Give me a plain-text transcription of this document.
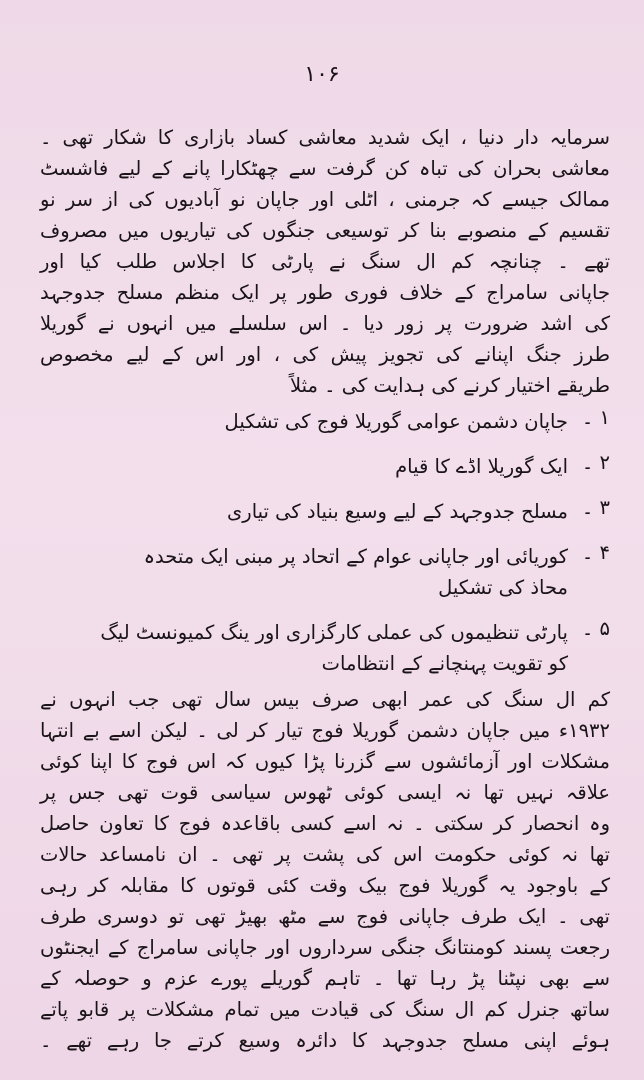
۱۰۶
سرمایہ دار دنیا ، ایک شدید معاشی کساد بازاری کا شکار تھی ۔
معاشی بحران کی تباہ کن گرفت سے چھٹکارا پانے کے لیے فاشسٹ
ممالک جیسے کہ جرمنی ، اٹلی اور جاپان نو آبادیوں کی از سر نو
تقسیم کے منصوبے بنا کر توسیعی جنگوں کی تیاریوں میں مصروف
تھے ۔ چنانچہ کم ال سنگ نے پارٹی کا اجلاس طلب کیا اور
جاپانی سامراج کے خلاف فوری طور پر ایک منظم مسلح جدوجہد
کی اشد ضرورت پر زور دیا ۔ اس سلسلے میں انہوں نے گوریلا
طرز جنگ اپنانے کی تجویز پیش کی ، اور اس کے لیے مخصوص
طریقے اختیار کرنے کی ہدایت کی ۔ مثلاً
۱ ۔
جاپان دشمن عوامی گوریلا فوج کی تشکیل
۲ ۔
ایک گوریلا اڈے کا قیام
۳ ۔
مسلح جدوجہد کے لیے وسیع بنیاد کی تیاری
۴ ۔
کوریائی اور جاپانی عوام کے اتحاد پر مبنی ایک متحدہ
محاذ کی تشکیل
۵ ۔
پارٹی تنظیموں کی عملی کارگزاری اور ینگ کمیونسٹ لیگ
کو تقویت پہنچانے کے انتظامات
کم ال سنگ کی عمر ابھی صرف بیس سال تھی جب انہوں نے
۱۹۳۲ء میں جاپان دشمن گوریلا فوج تیار کر لی ۔ لیکن اسے بے انتہا
مشکلات اور آزمائشوں سے گزرنا پڑا کیوں کہ اس فوج کا اپنا کوئی
علاقہ نہیں تھا نہ ایسی کوئی ٹھوس سیاسی قوت تھی جس پر
وہ انحصار کر سکتی ۔ نہ اسے کسی باقاعدہ فوج کا تعاون حاصل
تھا نہ کوئی حکومت اس کی پشت پر تھی ۔ ان نامساعد حالات
کے باوجود یہ گوریلا فوج بیک وقت کئی قوتوں کا مقابلہ کر رہی
تھی ۔ ایک طرف جاپانی فوج سے مٹھ بھیڑ تھی تو دوسری طرف
رجعت پسند کومنتانگ جنگی سرداروں اور جاپانی سامراج کے ایجنٹوں
سے بھی نپٹنا پڑ رہا تھا ۔ تاہم گوریلے پورے عزم و حوصلہ کے
ساتھ جنرل کم ال سنگ کی قیادت میں تمام مشکلات پر قابو پاتے
ہوئے اپنی مسلح جدوجہد کا دائرہ وسیع کرتے جا رہے تھے ۔
